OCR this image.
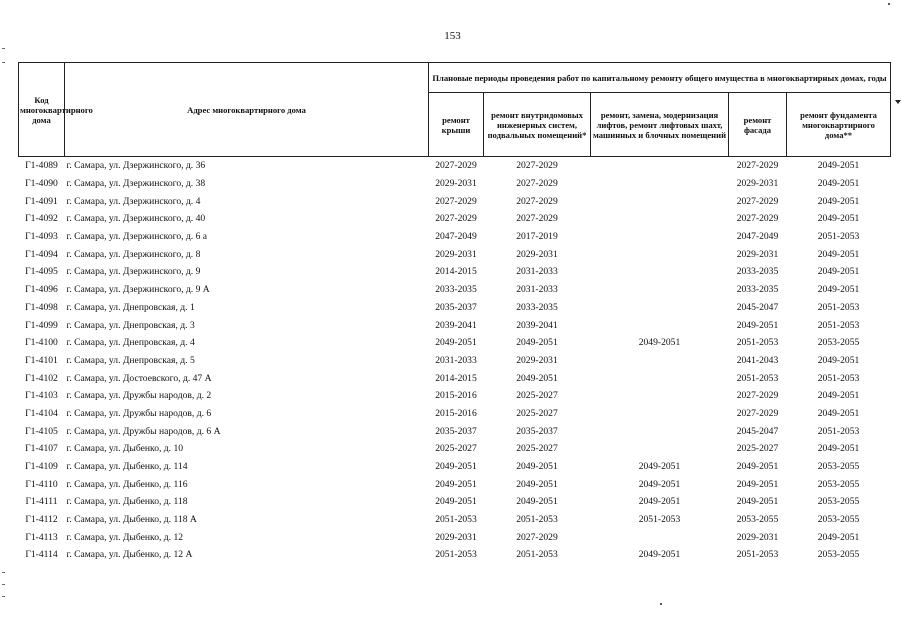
153
Код многоквартирного дома	Адрес многоквартирного дома	Плановые периоды проведения работ по капитальному ремонту общего имущества в многоквартирных домах, годы				
		ремонт крыши	ремонт внутридомовых инженерных систем, подвальных помещений*	ремонт, замена, модернизация лифтов, ремонт лифтовых шахт, машинных и блочных помещений	ремонт фасада	ремонт фундамента многоквартирного дома**
Г1-4089	г. Самара, ул. Дзержинского, д. 36	2027-2029	2027-2029		2027-2029	2049-2051
Г1-4090	г. Самара, ул. Дзержинского, д. 38	2029-2031	2027-2029		2029-2031	2049-2051
Г1-4091	г. Самара, ул. Дзержинского, д. 4	2027-2029	2027-2029		2027-2029	2049-2051
Г1-4092	г. Самара, ул. Дзержинского, д. 40	2027-2029	2027-2029		2027-2029	2049-2051
Г1-4093	г. Самара, ул. Дзержинского, д. 6 а	2047-2049	2017-2019		2047-2049	2051-2053
Г1-4094	г. Самара, ул. Дзержинского, д. 8	2029-2031	2029-2031		2029-2031	2049-2051
Г1-4095	г. Самара, ул. Дзержинского, д. 9	2014-2015	2031-2033		2033-2035	2049-2051
Г1-4096	г. Самара, ул. Дзержинского, д. 9 А	2033-2035	2031-2033		2033-2035	2049-2051
Г1-4098	г. Самара, ул. Днепровская, д. 1	2035-2037	2033-2035		2045-2047	2051-2053
Г1-4099	г. Самара, ул. Днепровская, д. 3	2039-2041	2039-2041		2049-2051	2051-2053
Г1-4100	г. Самара, ул. Днепровская, д. 4	2049-2051	2049-2051	2049-2051	2051-2053	2053-2055
Г1-4101	г. Самара, ул. Днепровская, д. 5	2031-2033	2029-2031		2041-2043	2049-2051
Г1-4102	г. Самара, ул. Достоевского, д. 47 А	2014-2015	2049-2051		2051-2053	2051-2053
Г1-4103	г. Самара, ул. Дружбы народов, д. 2	2015-2016	2025-2027		2027-2029	2049-2051
Г1-4104	г. Самара, ул. Дружбы народов, д. 6	2015-2016	2025-2027		2027-2029	2049-2051
Г1-4105	г. Самара, ул. Дружбы народов, д. 6 А	2035-2037	2035-2037		2045-2047	2051-2053
Г1-4107	г. Самара, ул. Дыбенко, д. 10	2025-2027	2025-2027		2025-2027	2049-2051
Г1-4109	г. Самара, ул. Дыбенко, д. 114	2049-2051	2049-2051	2049-2051	2049-2051	2053-2055
Г1-4110	г. Самара, ул. Дыбенко, д. 116	2049-2051	2049-2051	2049-2051	2049-2051	2053-2055
Г1-4111	г. Самара, ул. Дыбенко, д. 118	2049-2051	2049-2051	2049-2051	2049-2051	2053-2055
Г1-4112	г. Самара, ул. Дыбенко, д. 118 А	2051-2053	2051-2053	2051-2053	2053-2055	2053-2055
Г1-4113	г. Самара, ул. Дыбенко, д. 12	2029-2031	2027-2029		2029-2031	2049-2051
Г1-4114	г. Самара, ул. Дыбенко, д. 12 А	2051-2053	2051-2053	2049-2051	2051-2053	2053-2055
